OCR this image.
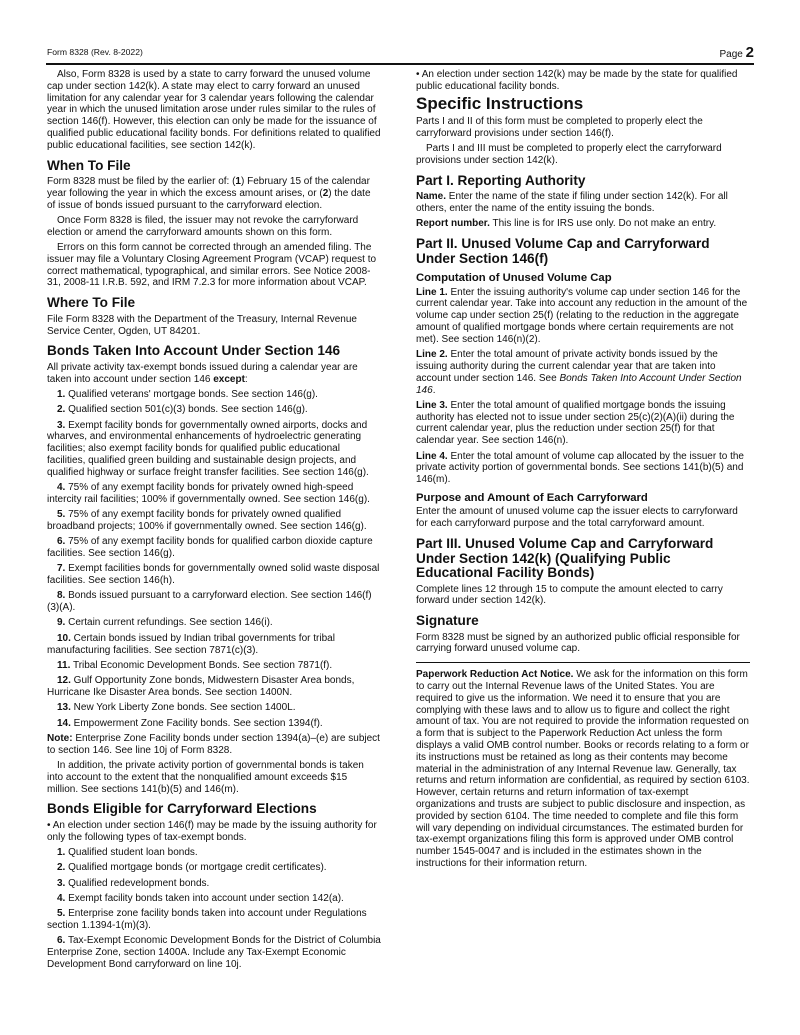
Form 8328 (Rev. 8-2022)	Page 2

Also, Form 8328 is used by a state to carry forward the unused volume cap under section 142(k). A state may elect to carry forward an unused limitation for any calendar year for 3 calendar years following the calendar year in which the unused limitation arose under rules similar to the rules of section 146(f). However, this election can only be made for the issuance of qualified public educational facility bonds. For definitions related to qualified public educational facilities, see section 142(k).

When To File

Form 8328 must be filed by the earlier of: (1) February 15 of the calendar year following the year in which the excess amount arises, or (2) the date of issue of bonds issued pursuant to the carryforward election.

Once Form 8328 is filed, the issuer may not revoke the carryforward election or amend the carryforward amounts shown on this form.

Errors on this form cannot be corrected through an amended filing. The issuer may file a Voluntary Closing Agreement Program (VCAP) request to correct mathematical, typographical, and similar errors. See Notice 2008-31, 2008-11 I.R.B. 592, and IRM 7.2.3 for more information about VCAP.

Where To File

File Form 8328 with the Department of the Treasury, Internal Revenue Service Center, Ogden, UT 84201.

Bonds Taken Into Account Under Section 146

All private activity tax-exempt bonds issued during a calendar year are taken into account under section 146 except:

1. Qualified veterans' mortgage bonds. See section 146(g).

2. Qualified section 501(c)(3) bonds. See section 146(g).

3. Exempt facility bonds for governmentally owned airports, docks and wharves, and environmental enhancements of hydroelectric generating facilities; also exempt facility bonds for qualified public educational facilities, qualified green building and sustainable design projects, and qualified highway or surface freight transfer facilities. See section 146(g).

4. 75% of any exempt facility bonds for privately owned high-speed intercity rail facilities; 100% if governmentally owned. See section 146(g).

5. 75% of any exempt facility bonds for privately owned qualified broadband projects; 100% if governmentally owned. See section 146(g).

6. 75% of any exempt facility bonds for qualified carbon dioxide capture facilities. See section 146(g).

7. Exempt facilities bonds for governmentally owned solid waste disposal facilities. See section 146(h).

8. Bonds issued pursuant to a carryforward election. See section 146(f)(3)(A).

9. Certain current refundings. See section 146(i).

10. Certain bonds issued by Indian tribal governments for tribal manufacturing facilities. See section 7871(c)(3).

11. Tribal Economic Development Bonds. See section 7871(f).

12. Gulf Opportunity Zone bonds, Midwestern Disaster Area bonds, Hurricane Ike Disaster Area bonds. See section 1400N.

13. New York Liberty Zone bonds. See section 1400L.

14. Empowerment Zone Facility bonds. See section 1394(f).

Note: Enterprise Zone Facility bonds under section 1394(a)–(e) are subject to section 146. See line 10j of Form 8328.

In addition, the private activity portion of governmental bonds is taken into account to the extent that the nonqualified amount exceeds $15 million. See sections 141(b)(5) and 146(m).

Bonds Eligible for Carryforward Elections

• An election under section 146(f) may be made by the issuing authority for only the following types of tax-exempt bonds.

1. Qualified student loan bonds.

2. Qualified mortgage bonds (or mortgage credit certificates).

3. Qualified redevelopment bonds.

4. Exempt facility bonds taken into account under section 142(a).

5. Enterprise zone facility bonds taken into account under Regulations section 1.1394-1(m)(3).

6. Tax-Exempt Economic Development Bonds for the District of Columbia Enterprise Zone, section 1400A. Include any Tax-Exempt Economic Development Bond carryforward on line 10j.

• An election under section 142(k) may be made by the state for qualified public educational facility bonds.

Specific Instructions

Parts I and II of this form must be completed to properly elect the carryforward provisions under section 146(f).

Parts I and III must be completed to properly elect the carryforward provisions under section 142(k).

Part I. Reporting Authority

Name. Enter the name of the state if filing under section 142(k). For all others, enter the name of the entity issuing the bonds.

Report number. This line is for IRS use only. Do not make an entry.

Part II. Unused Volume Cap and Carryforward Under Section 146(f)
Computation of Unused Volume Cap

Line 1. Enter the issuing authority's volume cap under section 146 for the current calendar year. Take into account any reduction in the amount of the volume cap under section 25(f) (relating to the reduction in the aggregate amount of qualified mortgage bonds where certain requirements are not met). See section 146(n)(2).

Line 2. Enter the total amount of private activity bonds issued by the issuing authority during the current calendar year that are taken into account under section 146. See Bonds Taken Into Account Under Section 146.

Line 3. Enter the total amount of qualified mortgage bonds the issuing authority has elected not to issue under section 25(c)(2)(A)(ii) during the current calendar year, plus the reduction under section 25(f) for that calendar year. See section 146(n).

Line 4. Enter the total amount of volume cap allocated by the issuer to the private activity portion of governmental bonds. See sections 141(b)(5) and 146(m).

Purpose and Amount of Each Carryforward

Enter the amount of unused volume cap the issuer elects to carryforward for each carryforward purpose and the total carryforward amount.

Part III. Unused Volume Cap and Carryforward Under Section 142(k) (Qualifying Public Educational Facility Bonds)

Complete lines 12 through 15 to compute the amount elected to carry forward under section 142(k).

Signature

Form 8328 must be signed by an authorized public official responsible for carrying forward unused volume cap.

Paperwork Reduction Act Notice. We ask for the information on this form to carry out the Internal Revenue laws of the United States. You are required to give us the information. We need it to ensure that you are complying with these laws and to allow us to figure and collect the right amount of tax. You are not required to provide the information requested on a form that is subject to the Paperwork Reduction Act unless the form displays a valid OMB control number. Books or records relating to a form or its instructions must be retained as long as their contents may become material in the administration of any Internal Revenue law. Generally, tax returns and return information are confidential, as required by section 6103. However, certain returns and return information of tax-exempt organizations and trusts are subject to public disclosure and inspection, as provided by section 6104. The time needed to complete and file this form will vary depending on individual circumstances. The estimated burden for tax-exempt organizations filing this form is approved under OMB control number 1545-0047 and is included in the estimates shown in the instructions for their information return.
